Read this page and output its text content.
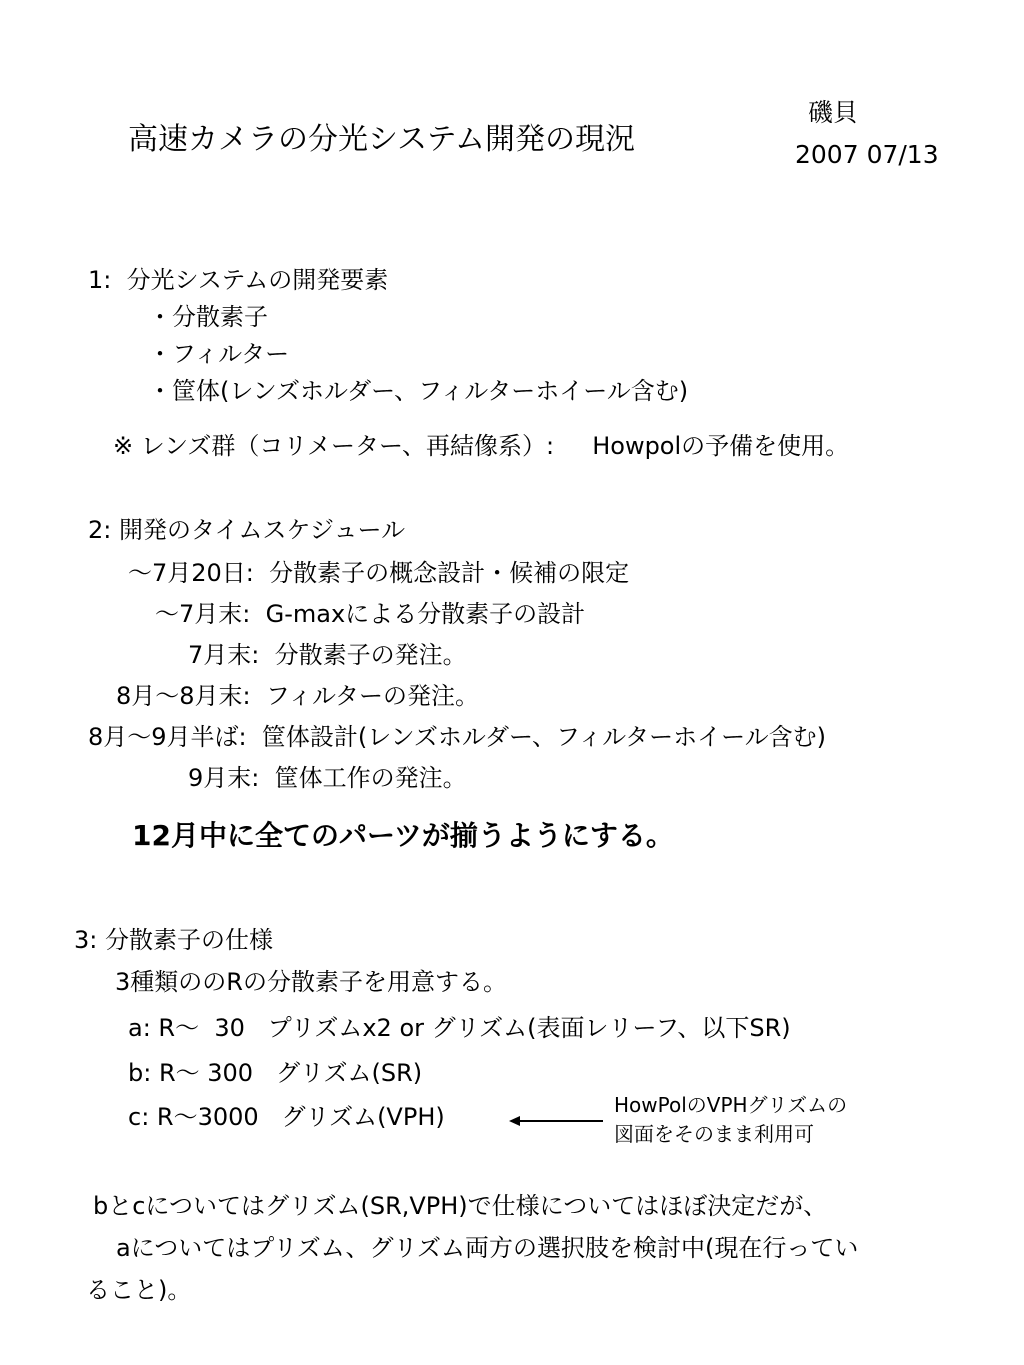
高速カメラの分光システム開発の現況
磯貝
2007 07/13
1:  分光システムの開発要素
・分散素子
・フィルター
・筐体(レンズホルダー、フィルターホイール含む)
※ レンズ群（コリメーター、再結像系）:     Howpolの予備を使用。
2: 開発のタイムスケジュール
～7月20日:  分散素子の概念設計・候補の限定
～7月末:  G-maxによる分散素子の設計
7月末:  分散素子の発注。
8月～8月末:  フィルターの発注。
8月～9月半ば:  筐体設計(レンズホルダー、フィルターホイール含む)
9月末:  筐体工作の発注。
12月中に全てのパーツが揃うようにする。
3: 分散素子の仕様
3種類ののRの分散素子を用意する。
a: R～  30   プリズムx2 or グリズム(表面レリーフ、以下SR)
b: R～ 300   グリズム(SR)
c: R～3000   グリズム(VPH)	HowPolのVPHグリズムの
図面をそのまま利用可
bとcについてはグリズム(SR,VPH)で仕様についてはほぼ決定だが、
aについてはプリズム、グリズム両方の選択肢を検討中(現在行ってい
ること)。
